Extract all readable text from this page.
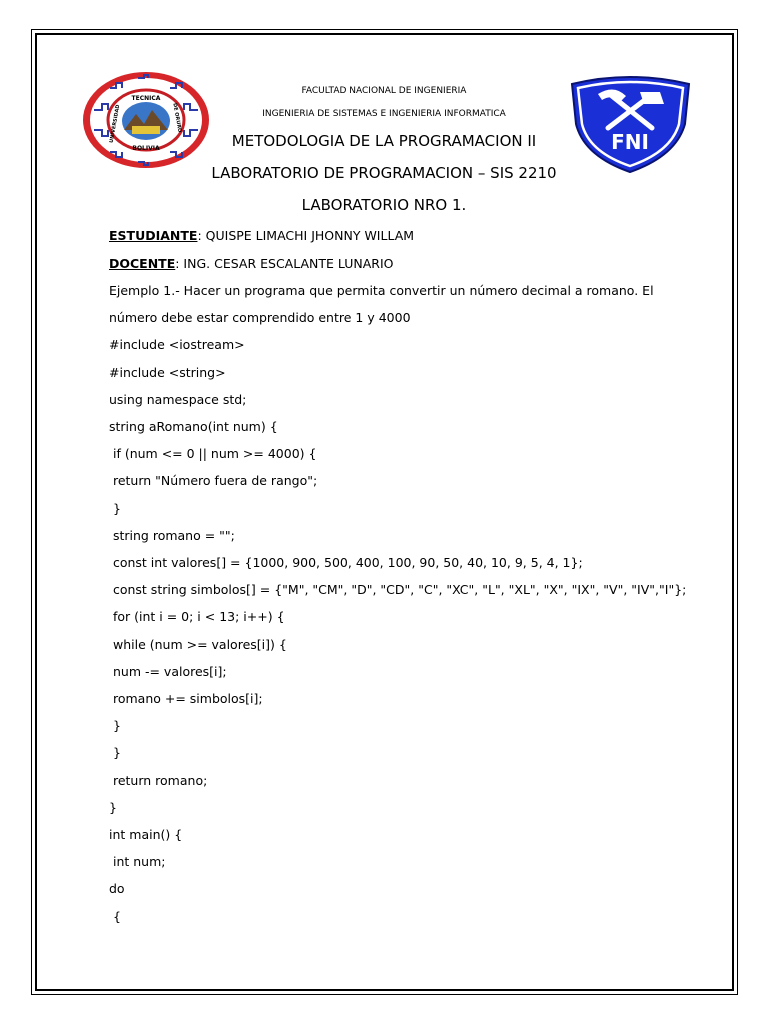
TECNICA
BOLIVIA
UNIVERSIDAD	DE ORURO
FNI
FACULTAD NACIONAL DE INGENIERIA
INGENIERIA DE SISTEMAS E INGENIERIA INFORMATICA
METODOLOGIA DE LA PROGRAMACION II
LABORATORIO DE PROGRAMACION – SIS 2210
LABORATORIO NRO 1.
ESTUDIANTE: QUISPE LIMACHI JHONNY WILLAM
DOCENTE: ING. CESAR ESCALANTE LUNARIO
Ejemplo 1.- Hacer un programa que permita convertir un número decimal a romano. El
número debe estar comprendido entre 1 y 4000
#include <iostream>
#include <string>
using namespace std;
string aRomano(int num) {
if (num <= 0 || num >= 4000) {
return "Número fuera de rango";
}
string romano = "";
const int valores[] = {1000, 900, 500, 400, 100, 90, 50, 40, 10, 9, 5, 4, 1};
const string simbolos[] = {"M", "CM", "D", "CD", "C", "XC", "L", "XL", "X", "IX", "V", "IV","I"};
for (int i = 0; i < 13; i++) {
while (num >= valores[i]) {
num -= valores[i];
romano += simbolos[i];
}
}
return romano;
}
int main() {
int num;
do
{
